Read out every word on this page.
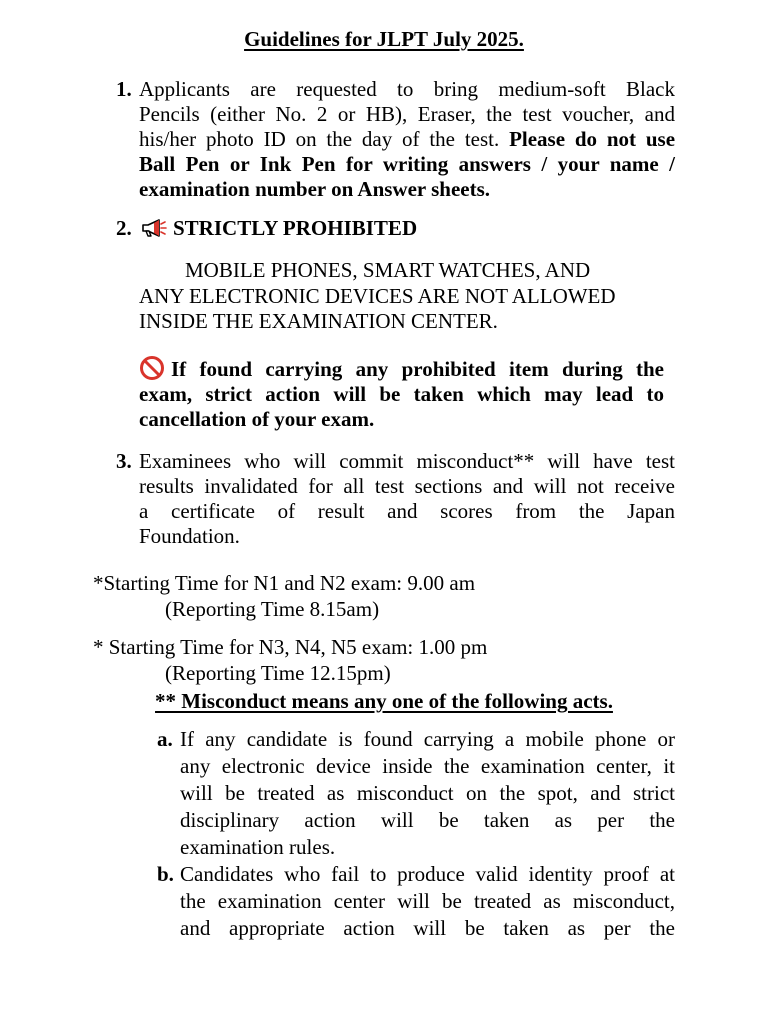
Guidelines for JLPT July 2025.
1. Applicants are requested to bring medium-soft Black
Pencils (either No. 2 or HB), Eraser, the test voucher, and
his/her photo ID on the day of the test. Please do not use
Ball Pen or Ink Pen for writing answers / your name /
examination number on Answer sheets.
2.	STRICTLY PROHIBITED
MOBILE PHONES, SMART WATCHES, AND
ANY ELECTRONIC DEVICES ARE NOT ALLOWED
INSIDE THE EXAMINATION CENTER.
If found carrying any prohibited item during the
exam, strict action will be taken which may lead to
cancellation of your exam.
3. Examinees who will commit misconduct** will have test
results invalidated for all test sections and will not receive
a certificate of result and scores from the Japan
Foundation.
*Starting Time for N1 and N2 exam: 9.00 am
(Reporting Time 8.15am)
* Starting Time for N3, N4, N5 exam: 1.00 pm
(Reporting Time 12.15pm)
** Misconduct means any one of the following acts.
a. If any candidate is found carrying a mobile phone or
any electronic device inside the examination center, it
will be treated as misconduct on the spot, and strict
disciplinary action will be taken as per the
examination rules.
b. Candidates who fail to produce valid identity proof at
the examination center will be treated as misconduct,
and appropriate action will be taken as per the
